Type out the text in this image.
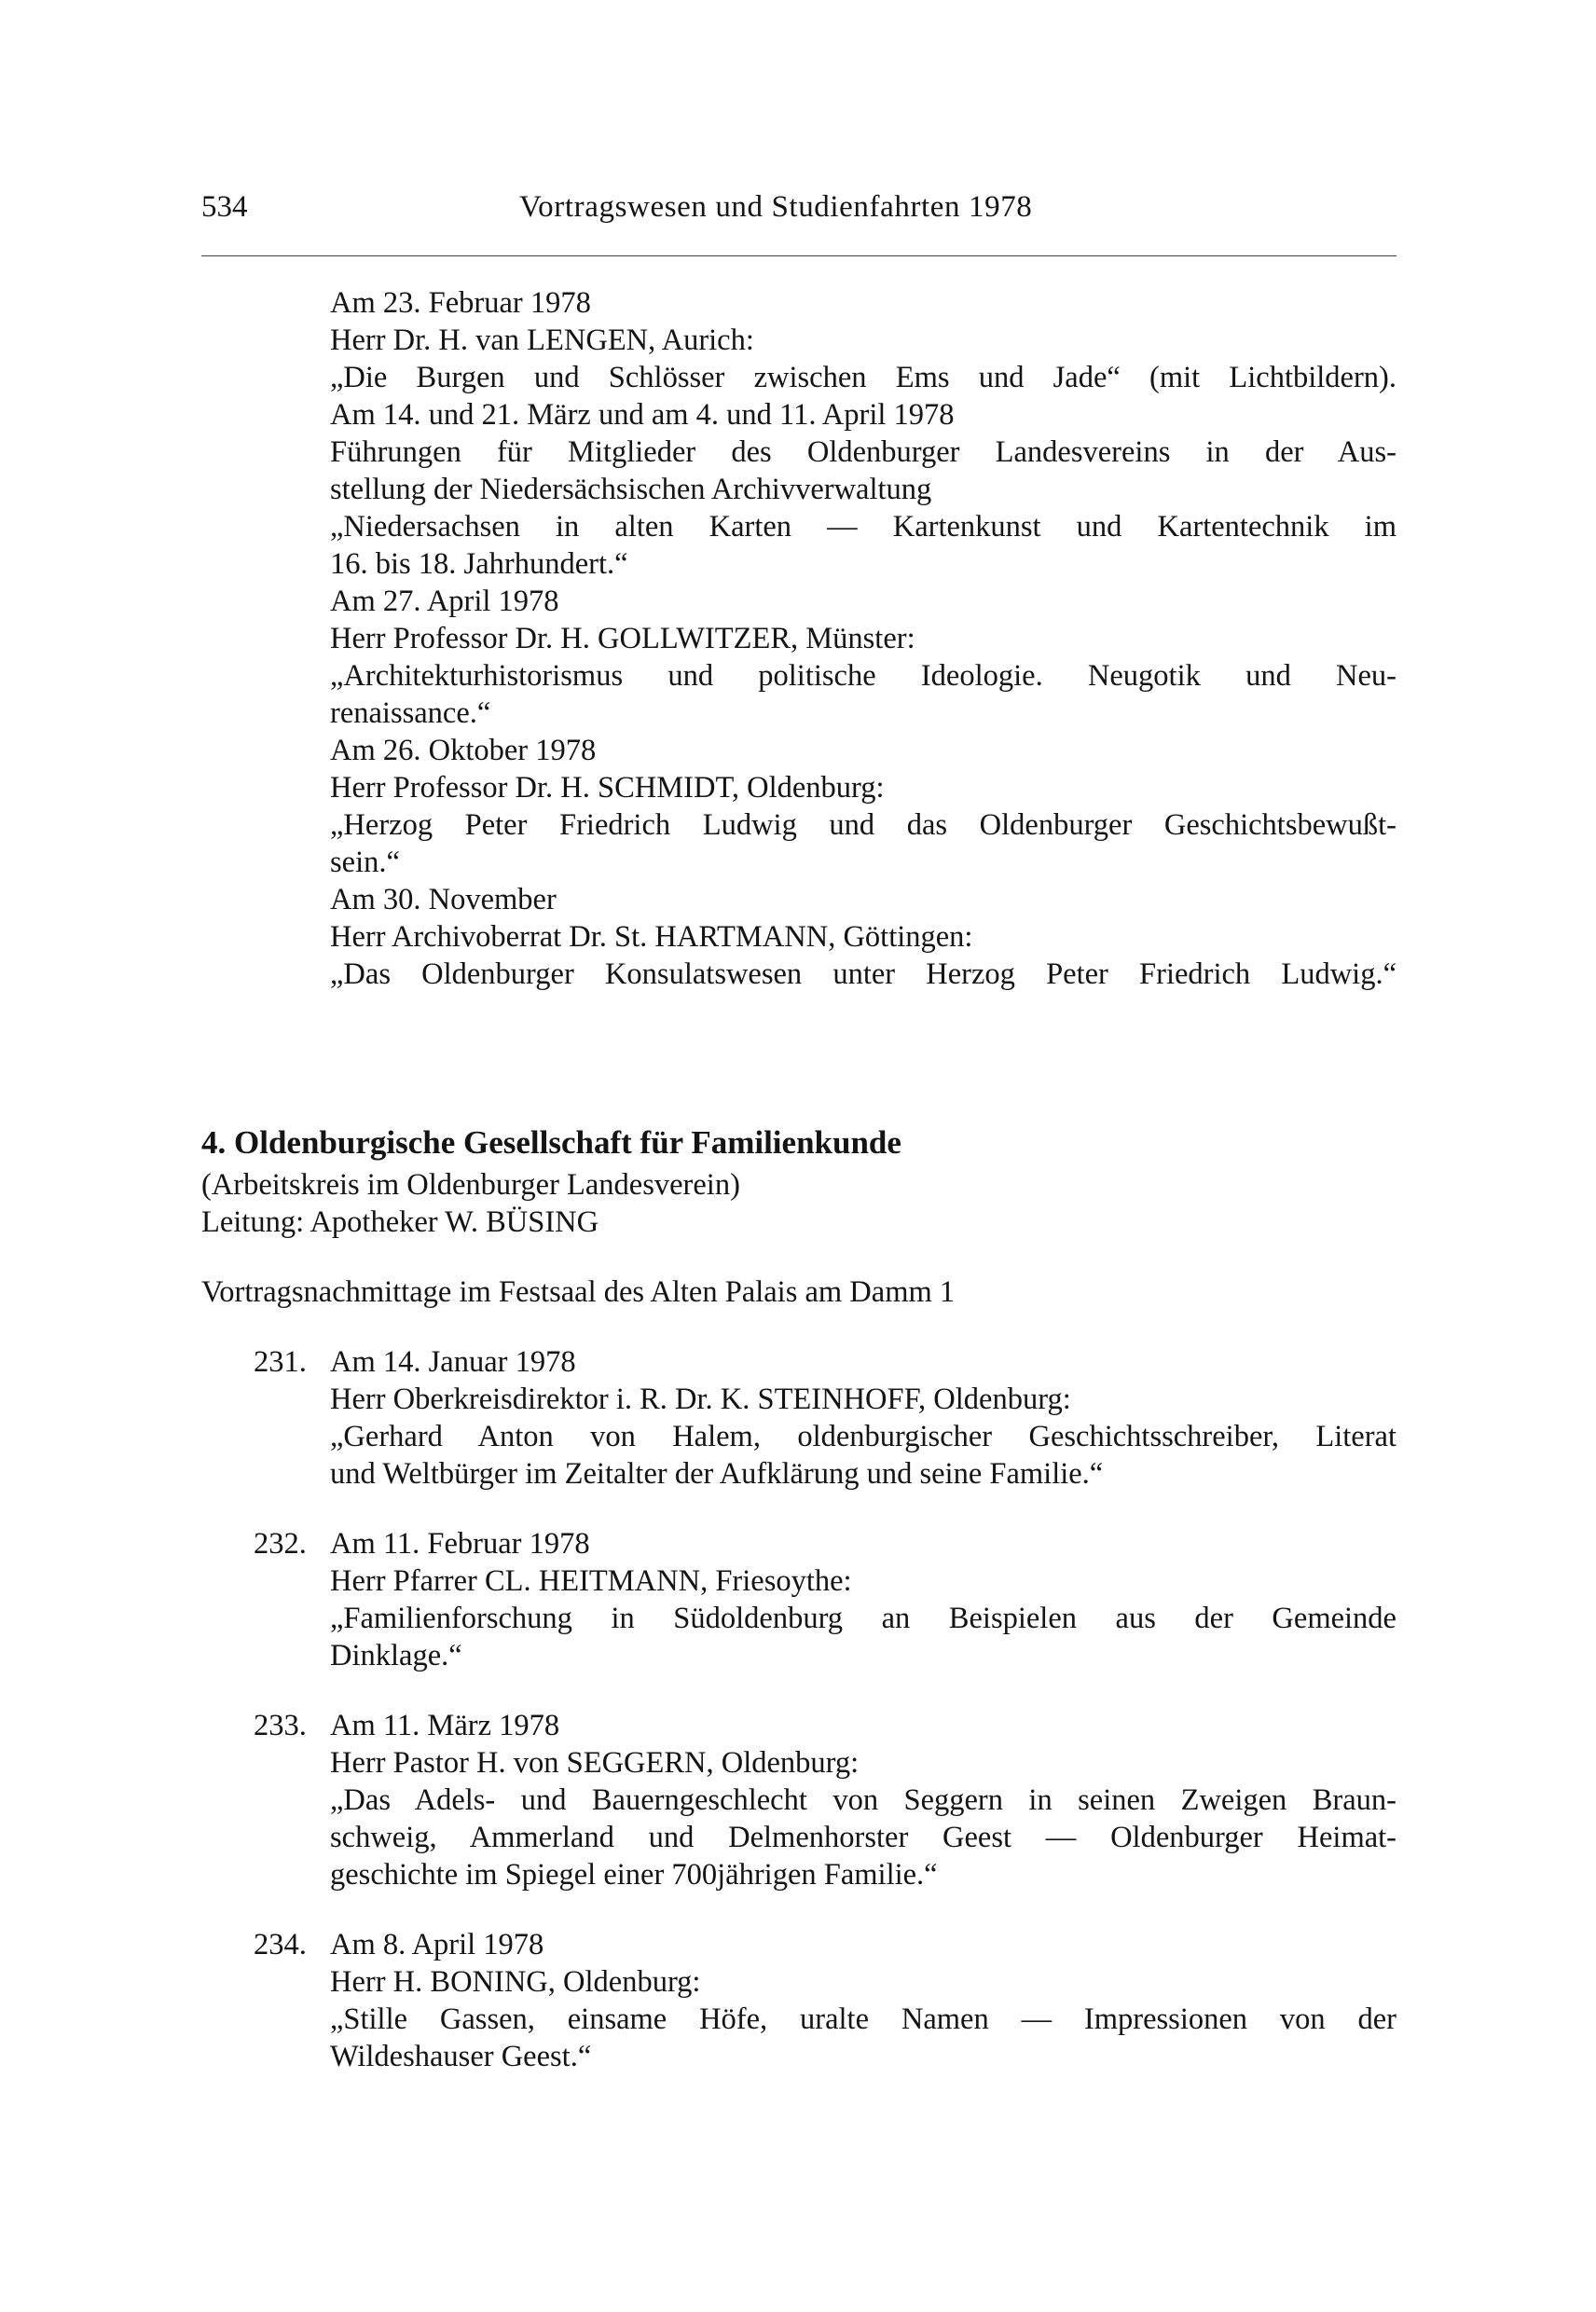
534	Vortragswesen und Studienfahrten 1978
Am 23. Februar 1978
Herr Dr. H. van LENGEN, Aurich:
„Die Burgen und Schlösser zwischen Ems und Jade“ (mit Lichtbildern).
Am 14. und 21. März und am 4. und 11. April 1978
Führungen für Mitglieder des Oldenburger Landesvereins in der Aus-
stellung der Niedersächsischen Archivverwaltung
„Niedersachsen in alten Karten — Kartenkunst und Kartentechnik im
16. bis 18. Jahrhundert.“
Am 27. April 1978
Herr Professor Dr. H. GOLLWITZER, Münster:
„Architekturhistorismus und politische Ideologie. Neugotik und Neu-
renaissance.“
Am 26. Oktober 1978
Herr Professor Dr. H. SCHMIDT, Oldenburg:
„Herzog Peter Friedrich Ludwig und das Oldenburger Geschichtsbewußt-
sein.“
Am 30. November
Herr Archivoberrat Dr. St. HARTMANN, Göttingen:
„Das Oldenburger Konsulatswesen unter Herzog Peter Friedrich Ludwig.“
4. Oldenburgische Gesellschaft für Familienkunde
(Arbeitskreis im Oldenburger Landesverein)
Leitung: Apotheker W. BÜSING
Vortragsnachmittage im Festsaal des Alten Palais am Damm 1
231. Am 14. Januar 1978
Herr Oberkreisdirektor i. R. Dr. K. STEINHOFF, Oldenburg:
„Gerhard Anton von Halem, oldenburgischer Geschichtsschreiber, Literat
und Weltbürger im Zeitalter der Aufklärung und seine Familie.“
232. Am 11. Februar 1978
Herr Pfarrer CL. HEITMANN, Friesoythe:
„Familienforschung in Südoldenburg an Beispielen aus der Gemeinde
Dinklage.“
233. Am 11. März 1978
Herr Pastor H. von SEGGERN, Oldenburg:
„Das Adels- und Bauerngeschlecht von Seggern in seinen Zweigen Braun-
schweig, Ammerland und Delmenhorster Geest — Oldenburger Heimat-
geschichte im Spiegel einer 700jährigen Familie.“
234. Am 8. April 1978
Herr H. BONING, Oldenburg:
„Stille Gassen, einsame Höfe, uralte Namen — Impressionen von der
Wildeshauser Geest.“
